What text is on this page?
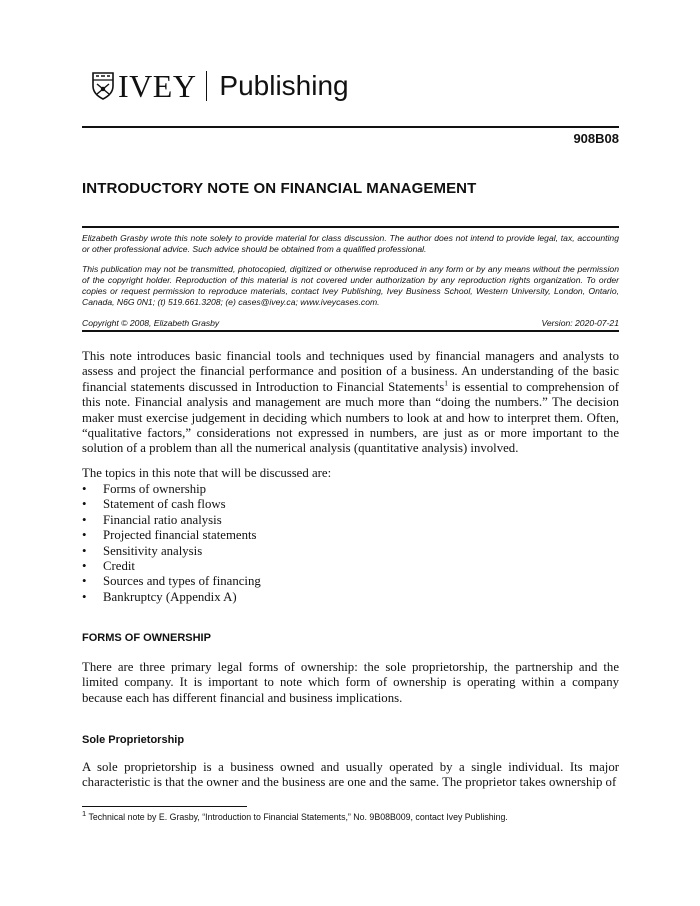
IVEY Publishing
908B08
INTRODUCTORY NOTE ON FINANCIAL MANAGEMENT
Elizabeth Grasby wrote this note solely to provide material for class discussion. The author does not intend to provide legal, tax, accounting or other professional advice. Such advice should be obtained from a qualified professional.
This publication may not be transmitted, photocopied, digitized or otherwise reproduced in any form or by any means without the permission of the copyright holder. Reproduction of this material is not covered under authorization by any reproduction rights organization. To order copies or request permission to reproduce materials, contact Ivey Publishing, Ivey Business School, Western University, London, Ontario, Canada, N6G 0N1; (t) 519.661.3208; (e) cases@ivey.ca; www.iveycases.com.
Copyright © 2008, Elizabeth Grasby	Version: 2020-07-21
This note introduces basic financial tools and techniques used by financial managers and analysts to assess and project the financial performance and position of a business. An understanding of the basic financial statements discussed in Introduction to Financial Statements$^1$ is essential to comprehension of this note. Financial analysis and management are much more than “doing the numbers.” The decision maker must exercise judgement in deciding which numbers to look at and how to interpret them. Often, “qualitative factors,” considerations not expressed in numbers, are just as or more important to the solution of a problem than all the numerical analysis (quantitative analysis) involved.
The topics in this note that will be discussed are:
•	Forms of ownership
•	Statement of cash flows
•	Financial ratio analysis
•	Projected financial statements
•	Sensitivity analysis
•	Credit
•	Sources and types of financing
•	Bankruptcy (Appendix A)
FORMS OF OWNERSHIP
There are three primary legal forms of ownership: the sole proprietorship, the partnership and the limited company. It is important to note which form of ownership is operating within a company because each has different financial and business implications.
Sole Proprietorship
A sole proprietorship is a business owned and usually operated by a single individual. Its major characteristic is that the owner and the business are one and the same. The proprietor takes ownership of
1 Technical note by E. Grasby, “Introduction to Financial Statements,” No. 9B08B009, contact Ivey Publishing.
